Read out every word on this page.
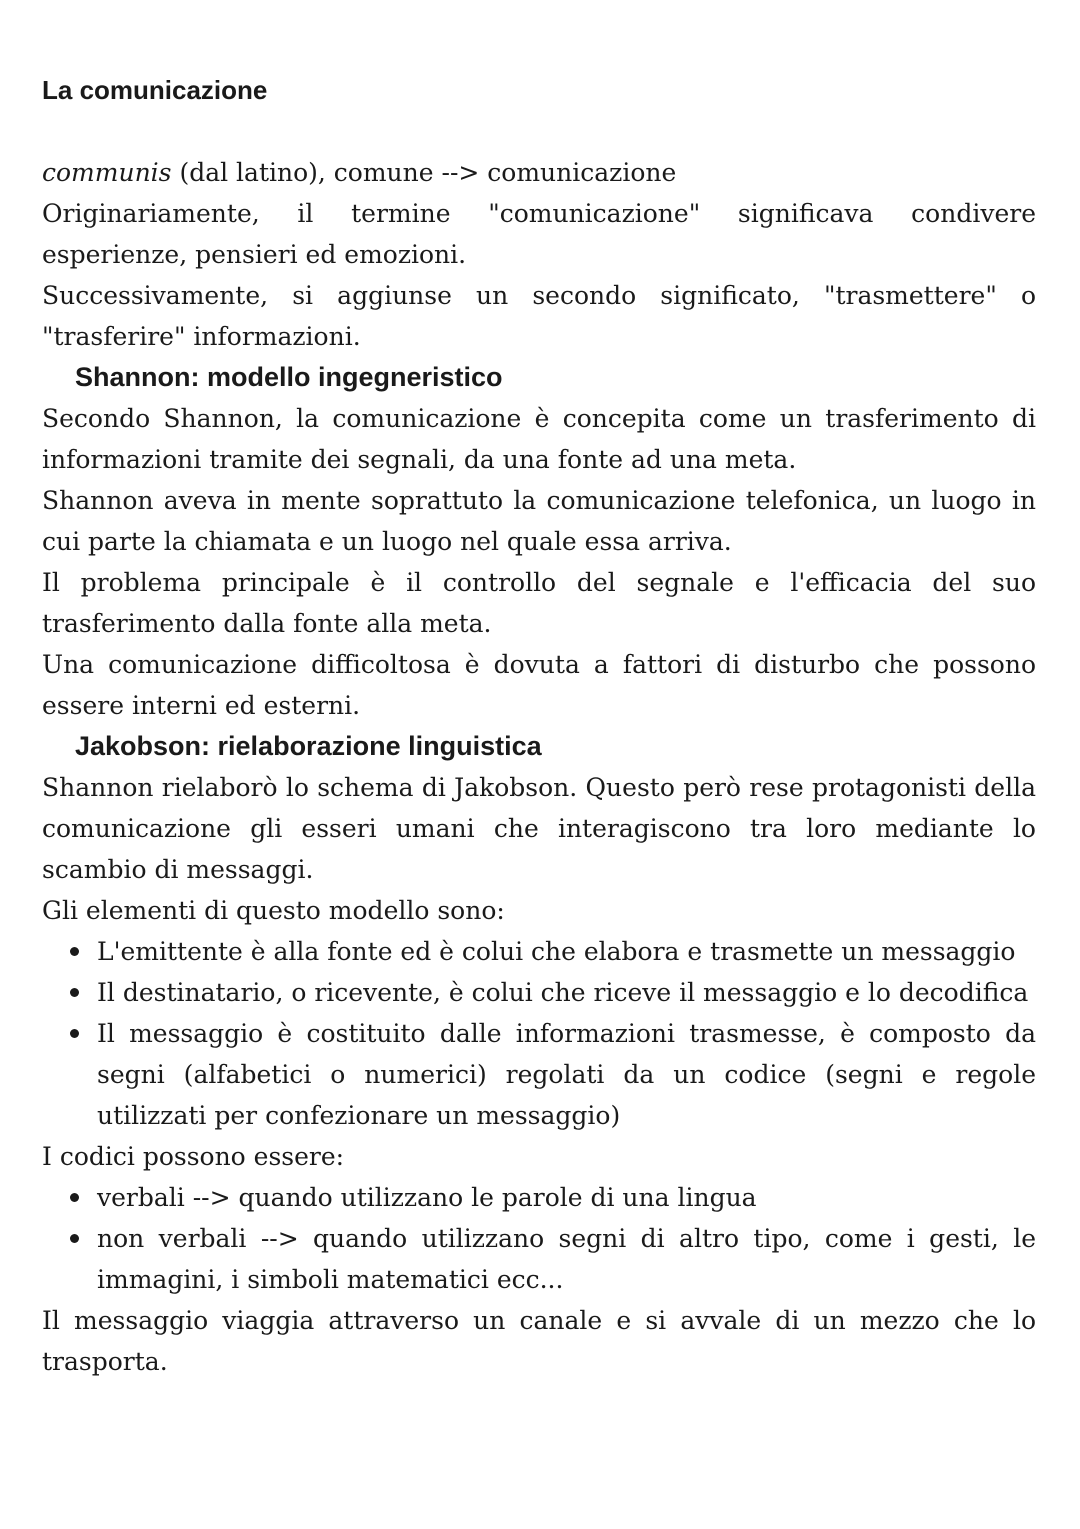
La comunicazione

communis (dal latino), comune --> comunicazione

Originariamente, il termine "comunicazione" significava condivere esperienze, pensieri ed emozioni.

Successivamente, si aggiunse un secondo significato, "trasmettere" o "trasferire" informazioni.

Shannon: modello ingegneristico

Secondo Shannon, la comunicazione è concepita come un trasferimento di informazioni tramite dei segnali, da una fonte ad una meta.

Shannon aveva in mente soprattuto la comunicazione telefonica, un luogo in cui parte la chiamata e un luogo nel quale essa arriva.

Il problema principale è il controllo del segnale e l'efficacia del suo trasferimento dalla fonte alla meta.

Una comunicazione difficoltosa è dovuta a fattori di disturbo che possono essere interni ed esterni.

Jakobson: rielaborazione linguistica

Shannon rielaborò lo schema di Jakobson. Questo però rese protagonisti della comunicazione gli esseri umani che interagiscono tra loro mediante lo scambio di messaggi.

Gli elementi di questo modello sono:

L'emittente è alla fonte ed è colui che elabora e trasmette un messaggio
Il destinatario, o ricevente, è colui che riceve il messaggio e lo decodifica
Il messaggio è costituito dalle informazioni trasmesse, è composto da segni (alfabetici o numerici) regolati da un codice (segni e regole utilizzati per confezionare un messaggio)

I codici possono essere:

verbali --> quando utilizzano le parole di una lingua
non verbali --> quando utilizzano segni di altro tipo, come i gesti, le immagini, i simboli matematici ecc...

Il messaggio viaggia attraverso un canale e si avvale di un mezzo che lo trasporta.
